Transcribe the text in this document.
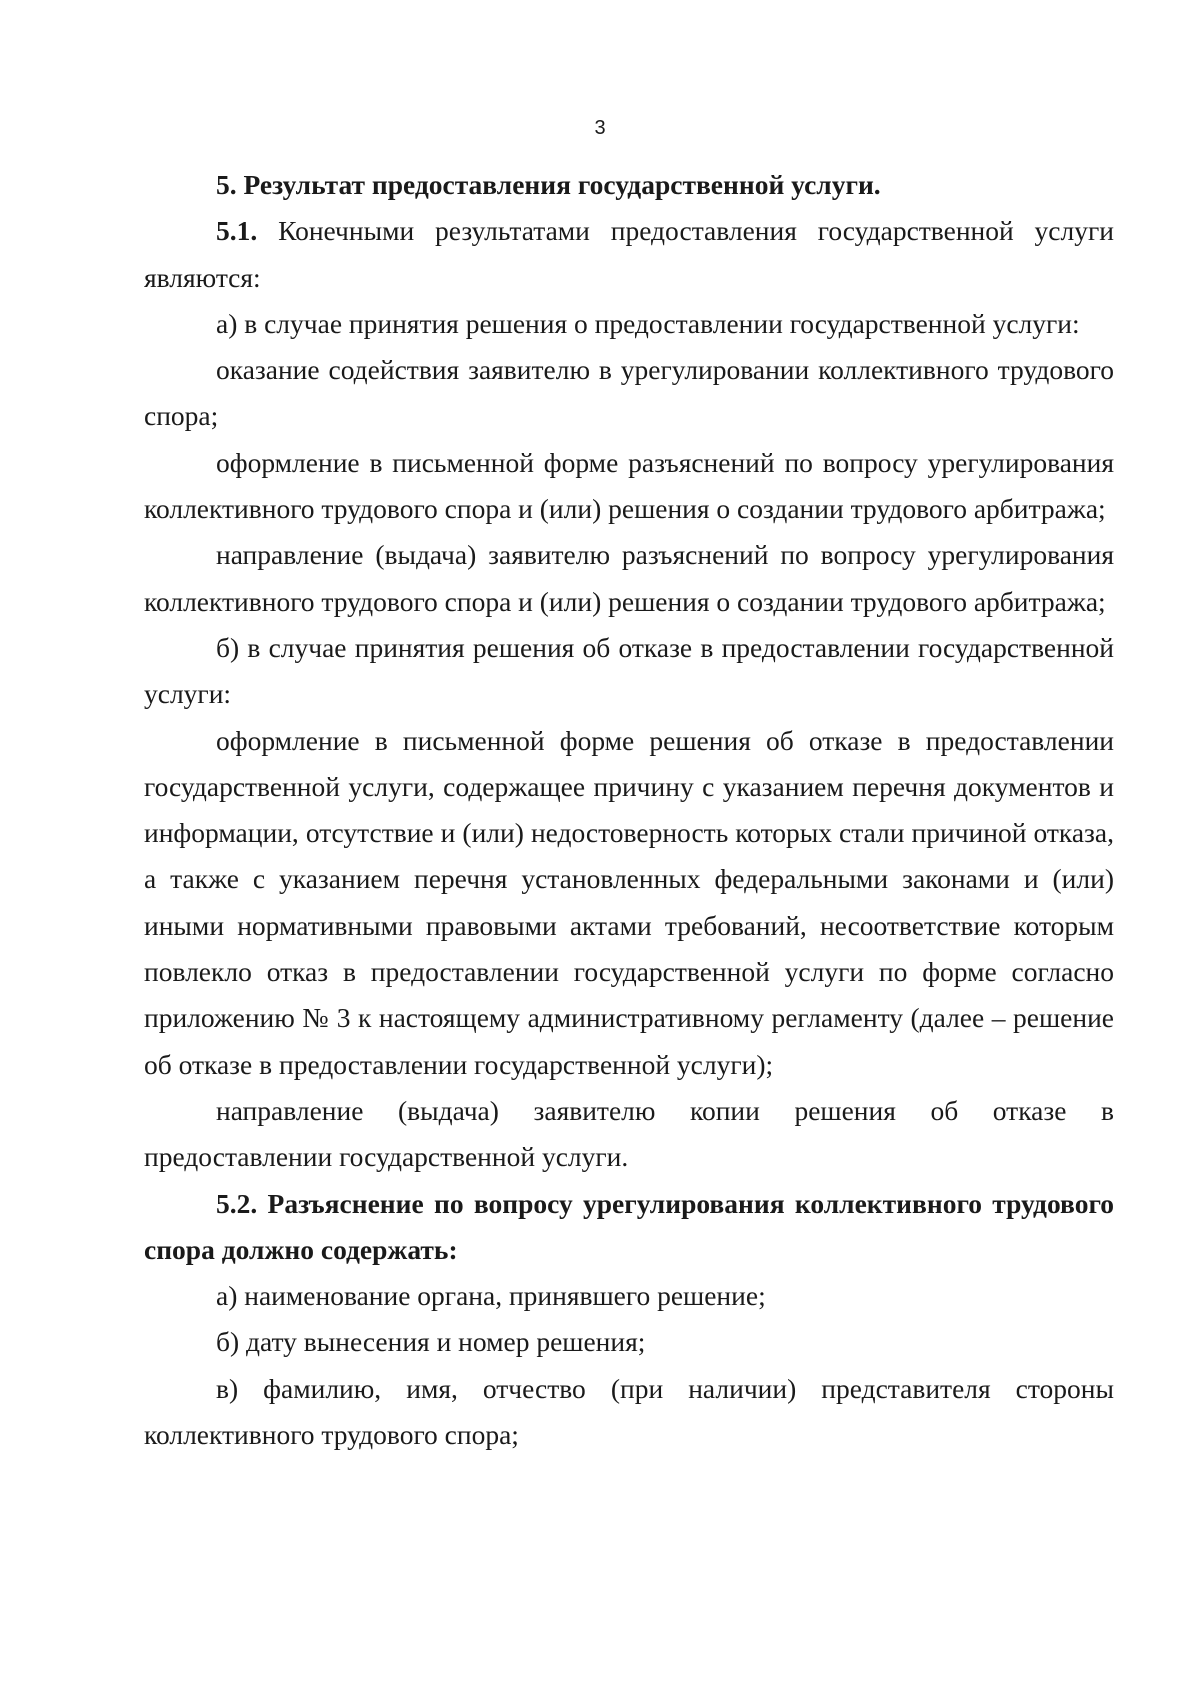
3

5. Результат предоставления государственной услуги.

5.1. Конечными результатами предоставления государственной услуги являются:

а) в случае принятия решения о предоставлении государственной услуги:

оказание содействия заявителю в урегулировании коллективного трудового спора;

оформление в письменной форме разъяснений по вопросу урегулирования коллективного трудового спора и (или) решения о создании трудового арбитража;

направление (выдача) заявителю разъяснений по вопросу урегулирования коллективного трудового спора и (или) решения о создании трудового арбитража;

б) в случае принятия решения об отказе в предоставлении государственной услуги:

оформление в письменной форме решения об отказе в предоставлении государственной услуги, содержащее причину с указанием перечня документов и информации, отсутствие и (или) недостоверность которых стали причиной отказа, а также с указанием перечня установленных федеральными законами и (или) иными нормативными правовыми актами требований, несоответствие которым повлекло отказ в предоставлении государственной услуги по форме согласно приложению № 3 к настоящему административному регламенту (далее – решение об отказе в предоставлении государственной услуги);

направление (выдача) заявителю копии решения об отказе в предоставлении государственной услуги.

5.2. Разъяснение по вопросу урегулирования коллективного трудового спора должно содержать:

а) наименование органа, принявшего решение;

б) дату вынесения и номер решения;

в) фамилию, имя, отчество (при наличии) представителя стороны коллективного трудового спора;
